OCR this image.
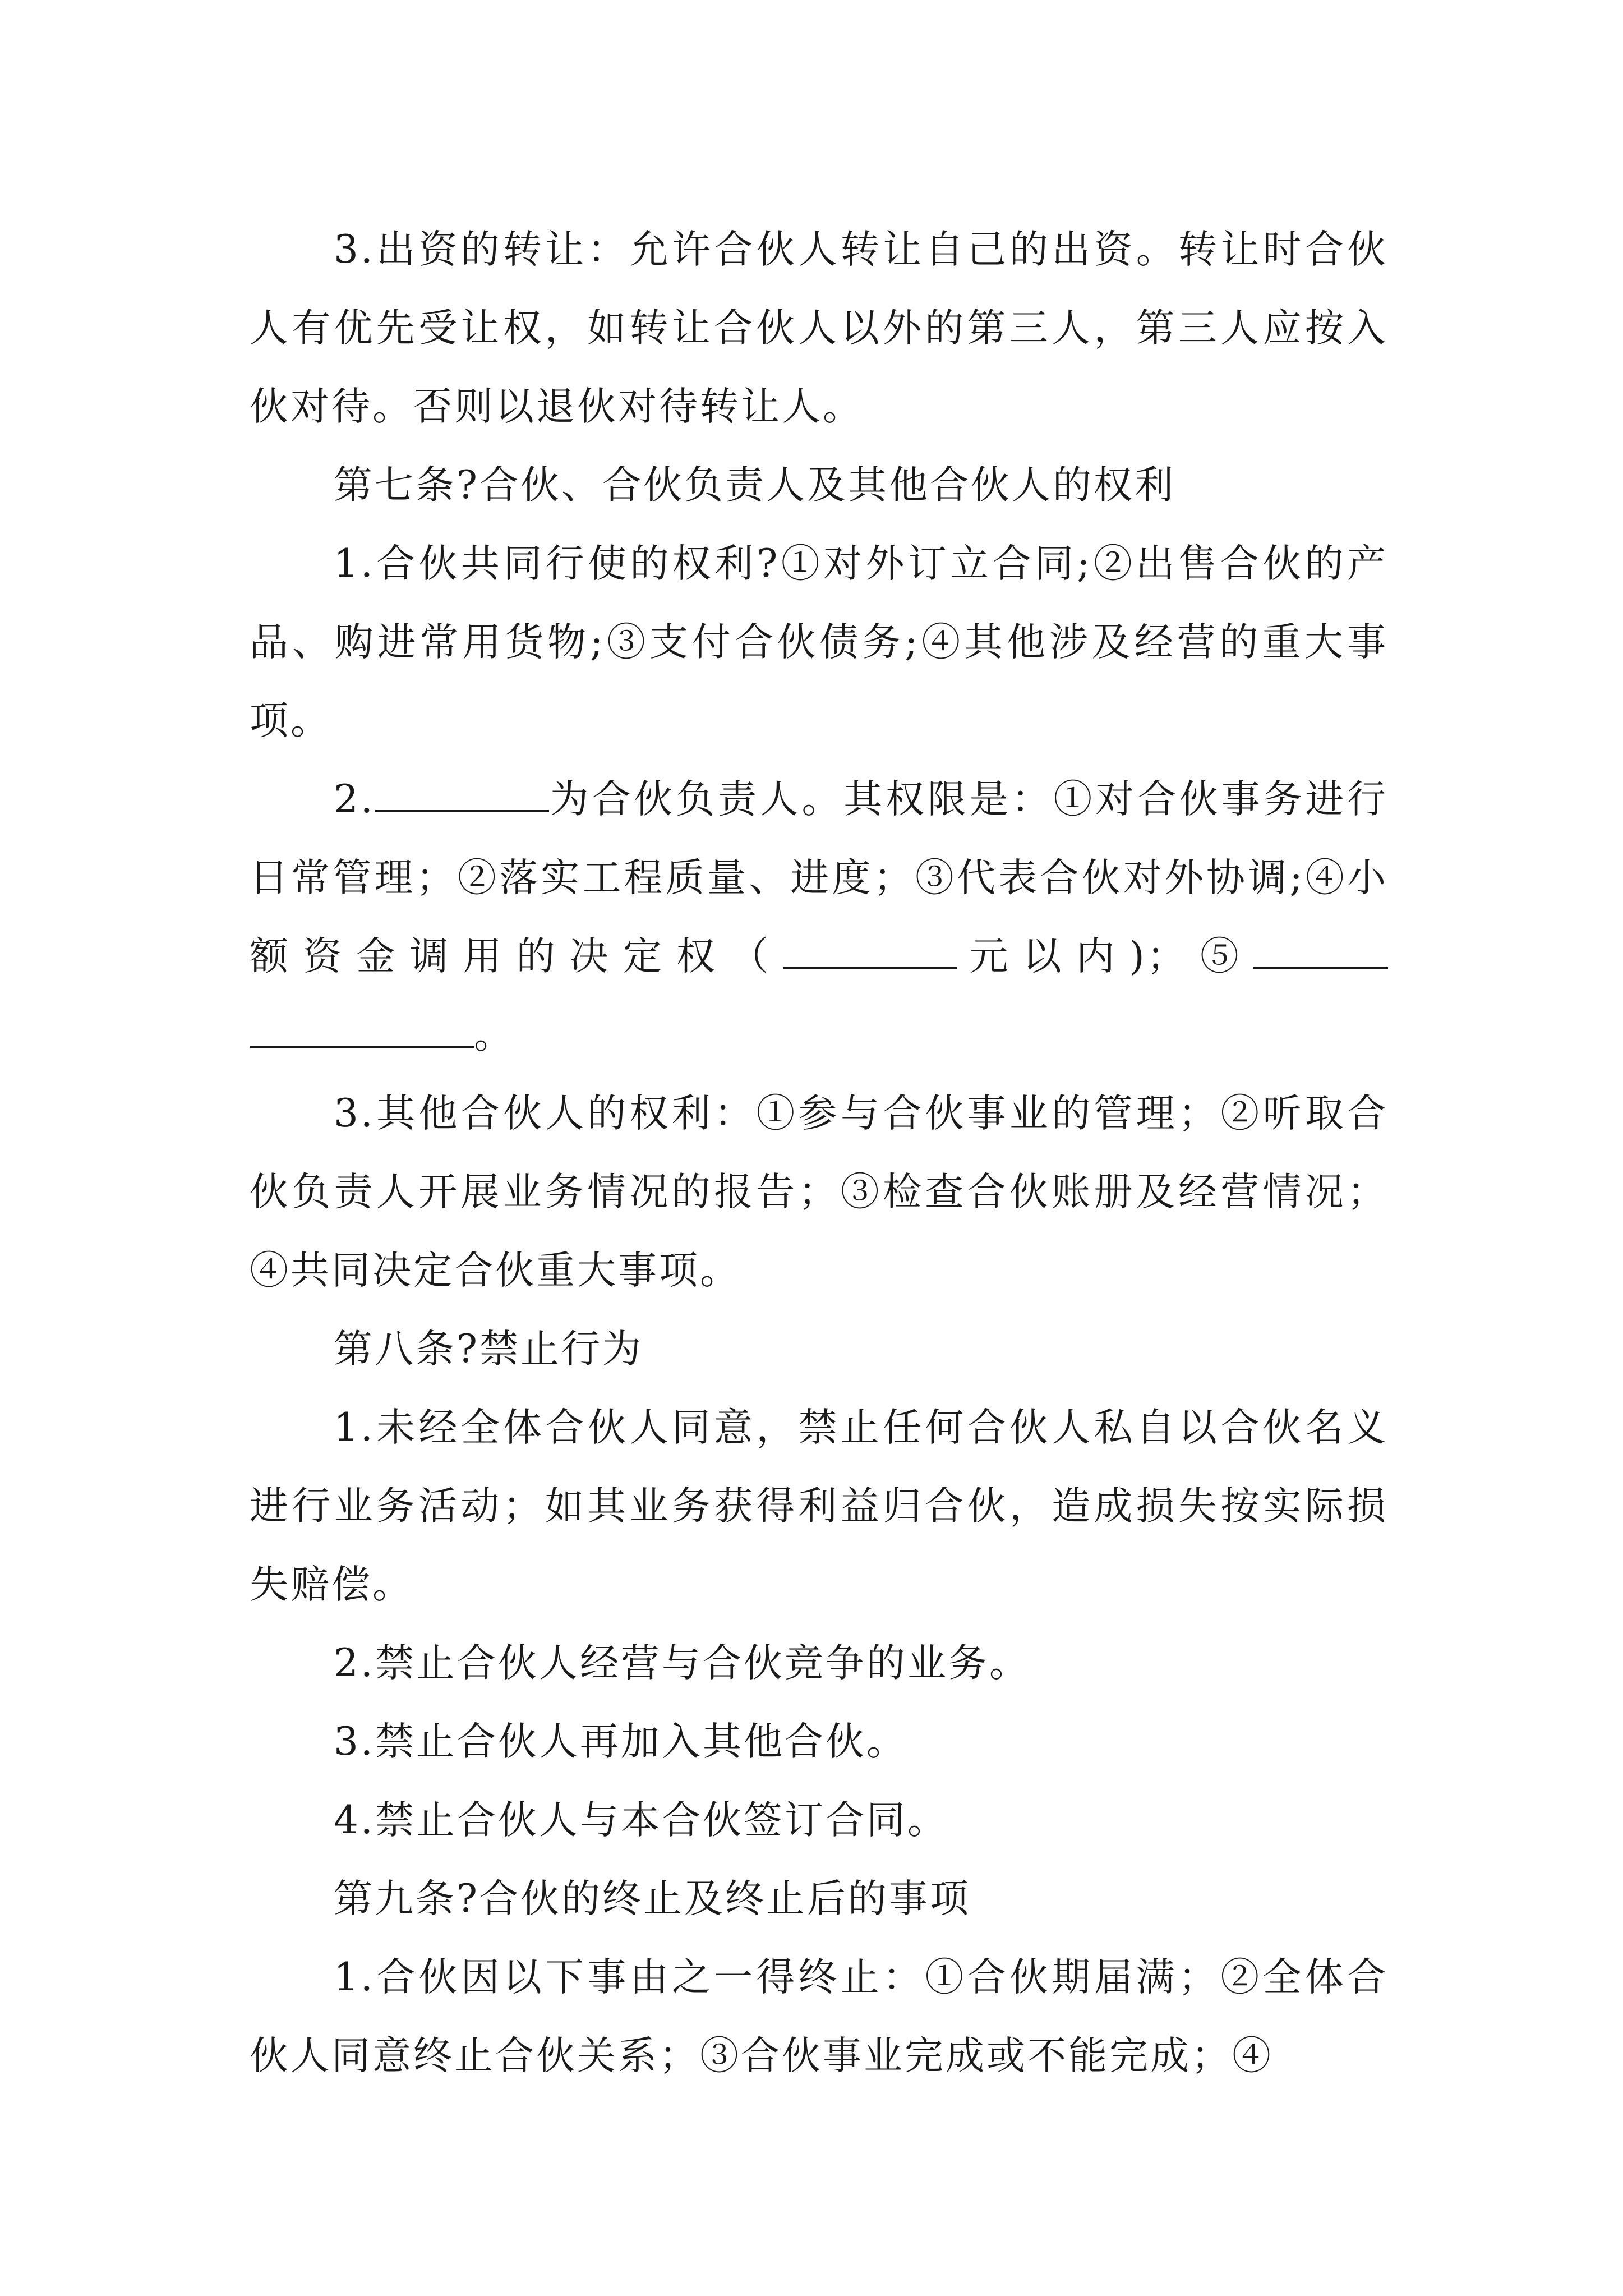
3.出资的转让：允许合伙人转让自己的出资。转让时合伙人有优先受让权，如转让合伙人以外的第三人，第三人应按入伙对待。否则以退伙对待转让人。

第七条?合伙、合伙负责人及其他合伙人的权利

1.合伙共同行使的权利?①对外订立合同;②出售合伙的产品、购进常用货物;③支付合伙债务;④其他涉及经营的重大事项。

2.	为合伙负责人。其权限是：①对合伙事务进行日常管理；②落实工程质量、进度；③代表合伙对外协调;④小额资金调用的决定权（	元以内)；⑤。

3.其他合伙人的权利：①参与合伙事业的管理；②听取合伙负责人开展业务情况的报告；③检查合伙账册及经营情况；④共同决定合伙重大事项。

第八条?禁止行为

1.未经全体合伙人同意，禁止任何合伙人私自以合伙名义进行业务活动；如其业务获得利益归合伙，造成损失按实际损失赔偿。

2.禁止合伙人经营与合伙竞争的业务。

3.禁止合伙人再加入其他合伙。

4.禁止合伙人与本合伙签订合同。

第九条?合伙的终止及终止后的事项

1.合伙因以下事由之一得终止：①合伙期届满；②全体合伙人同意终止合伙关系；③合伙事业完成或不能完成；④
